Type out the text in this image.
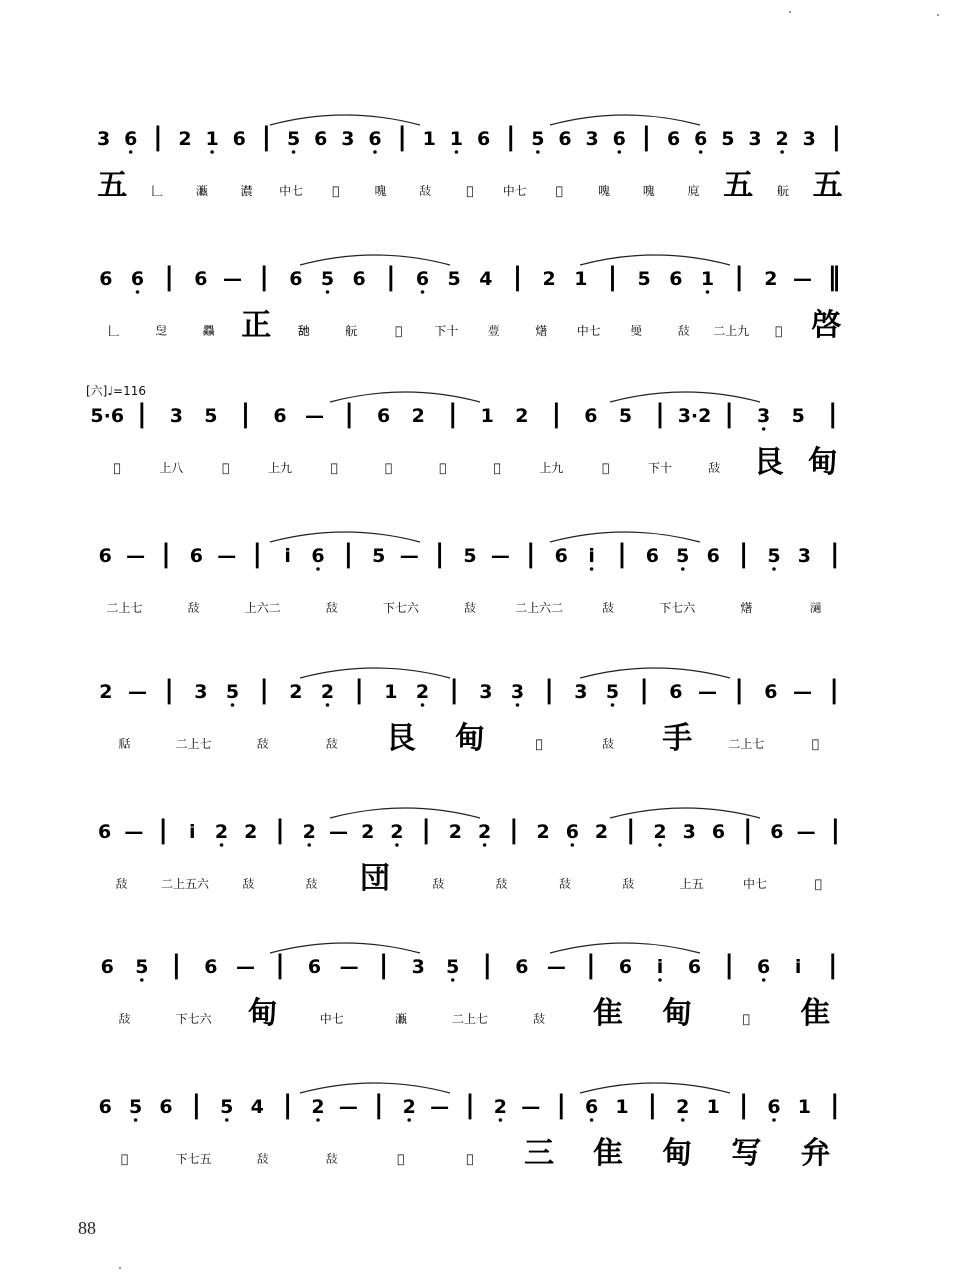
3 6 | 2 1 6 | 5 6 3 6 | 1 1 6 | 5 6 3 6 | 6 6 5 3 2 3 |
五 𠃊	𤁦	𤂑 中七 𤅽	𠺌	𦧉	𢿱 中七 𤅽	𠺌	𠺌	𢈥 五 𦨞 五
6 6 | 6 — | 6 5 6 | 6 5 4 | 2 1 | 5 6 1 | 2 — ‖
𠃊	𦥧	𦧅 正 𦧇	𦨞	𦥘	下十 𧀆	𤏸 中七 𦥼	𦧉 二上九 𦥣 啓
5·6 | 3 5 | 6 — | 6 2 | 1 2 | 6 5 | 3·2 | 3 5 |
𦭘	上八	𦮩	上九	𦭘	𦭘	𦭘	𦮩	上九	𦭘	下十	𦧉 艮 甸
6 — | 6 — | i 6 | 5 — | 5 — | 6 i | 6 5 6 | 5 3 |
二上七	𦧉	上六二	𦧉	下七六	𦧉	二上六二	𦧉	下七六	𤏸	𤁷
2 — | 3 5 | 2 2 | 1 2 | 3 3 | 3 5 | 6 — | 6 — |
𦧍	二上七	𦧉	𦧉 艮 甸	𦭘	𦧉 手	二上七	𦭘
6 — | i 2 2 | 2 — 2 2 | 2 2 | 2 6 2 | 2 3 6 | 6 — |
𦧉	二上五六	𦧉	𦧉 団	𦧉	𦧉	𦧉	𦧉	上五	中七	𦭘
6 5 | 6 — | 6 — | 3 5 | 6 — | 6 i 6 | 6 i |
𦧉	下七六 甸	中七	𤁦	二上七	𦧉 隹 甸	𦭘 隹
6 5 6 | 5 4 | 2 — | 2 — | 2 — | 6 1 | 2 1 | 6 1 |
𦭘	下七五	𦧉	𦧉	𦭘	𦭘 三 隹 甸 写 弁
[六]♩=116
88
